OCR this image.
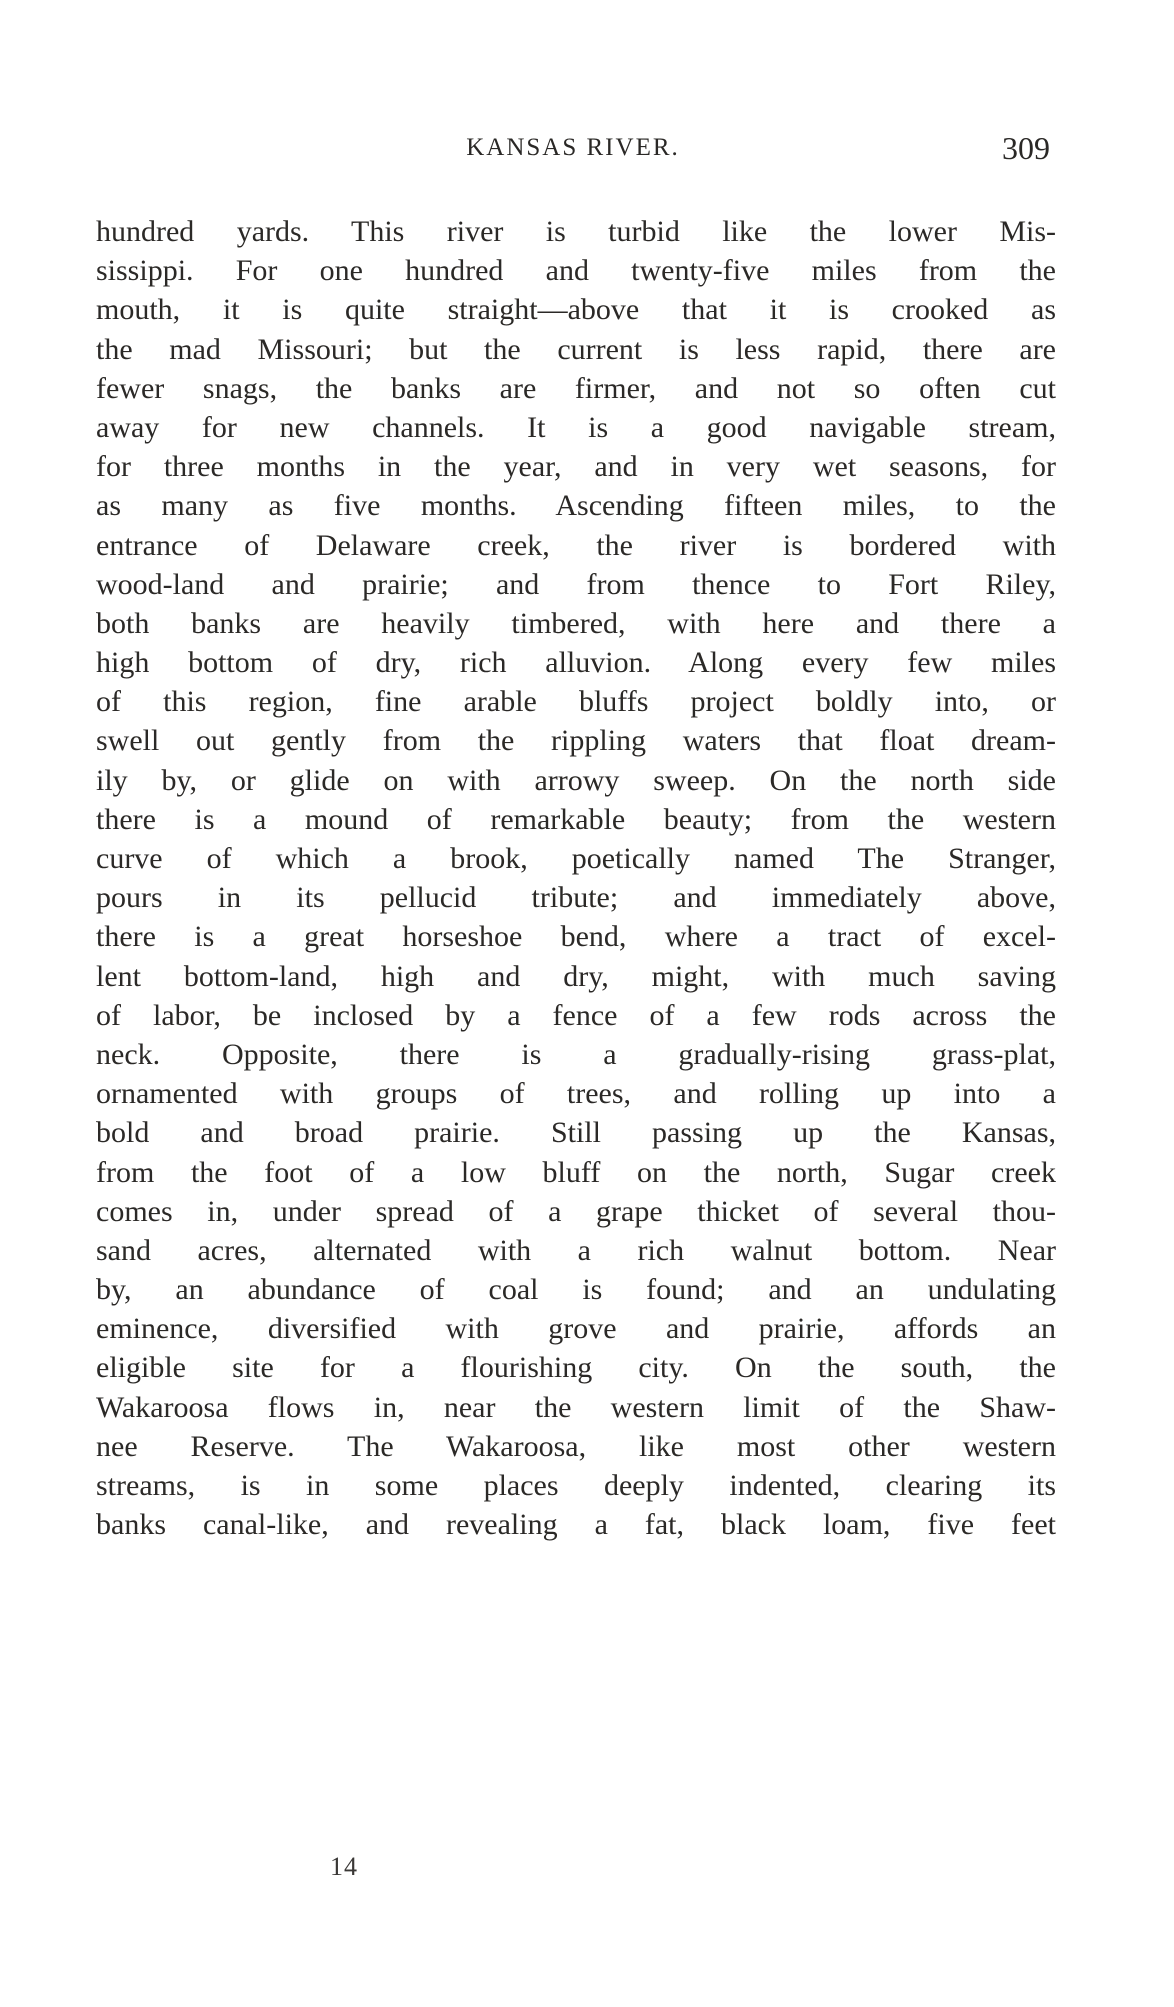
KANSAS RIVER.	309
hundred yards. This river is turbid like the lower Mis-
sissippi. For one hundred and twenty-five miles from the
mouth, it is quite straight—above that it is crooked as
the mad Missouri; but the current is less rapid, there are
fewer snags, the banks are firmer, and not so often cut
away for new channels. It is a good navigable stream,
for three months in the year, and in very wet seasons, for
as many as five months. Ascending fifteen miles, to the
entrance of Delaware creek, the river is bordered with
wood-land and prairie; and from thence to Fort Riley,
both banks are heavily timbered, with here and there a
high bottom of dry, rich alluvion. Along every few miles
of this region, fine arable bluffs project boldly into, or
swell out gently from the rippling waters that float dream-
ily by, or glide on with arrowy sweep. On the north side
there is a mound of remarkable beauty; from the western
curve of which a brook, poetically named The Stranger,
pours in its pellucid tribute; and immediately above,
there is a great horseshoe bend, where a tract of excel-
lent bottom-land, high and dry, might, with much saving
of labor, be inclosed by a fence of a few rods across the
neck. Opposite, there is a gradually-rising grass-plat,
ornamented with groups of trees, and rolling up into a
bold and broad prairie. Still passing up the Kansas,
from the foot of a low bluff on the north, Sugar creek
comes in, under spread of a grape thicket of several thou-
sand acres, alternated with a rich walnut bottom. Near
by, an abundance of coal is found; and an undulating
eminence, diversified with grove and prairie, affords an
eligible site for a flourishing city. On the south, the
Wakaroosa flows in, near the western limit of the Shaw-
nee Reserve. The Wakaroosa, like most other western
streams, is in some places deeply indented, clearing its
banks canal-like, and revealing a fat, black loam, five feet
14
